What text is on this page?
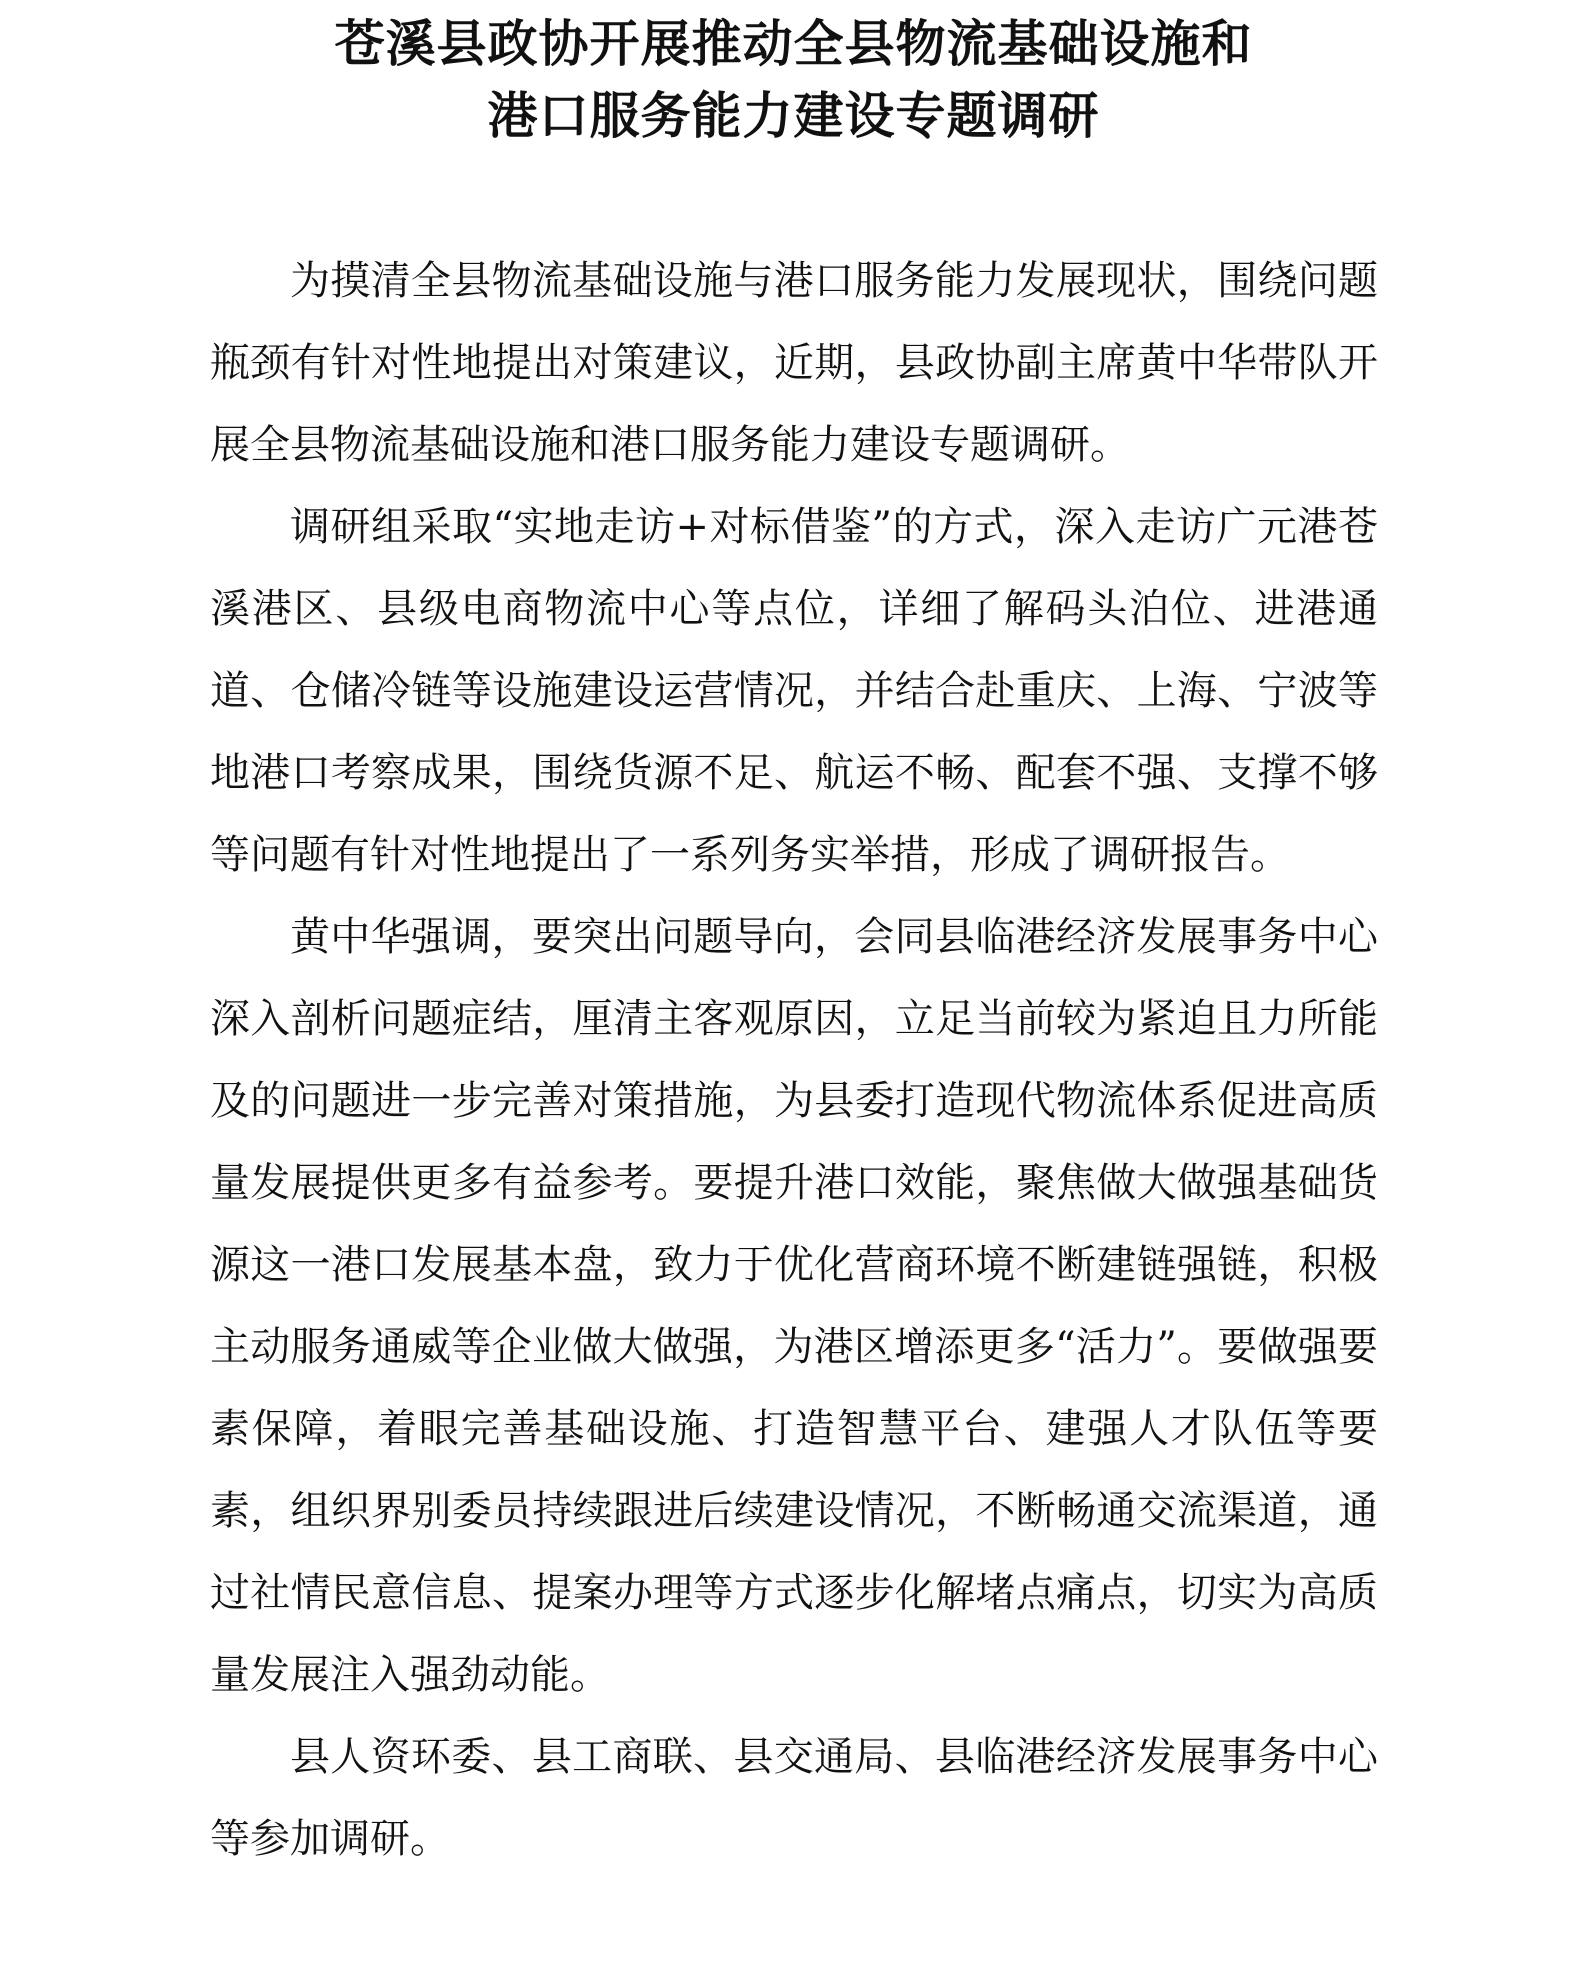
苍溪县政协开展推动全县物流基础设施和
港口服务能力建设专题调研

为摸清全县物流基础设施与港口服务能力发展现状，围绕问题瓶颈有针对性地提出对策建议，近期，县政协副主席黄中华带队开展全县物流基础设施和港口服务能力建设专题调研。

调研组采取“实地走访+对标借鉴”的方式，深入走访广元港苍溪港区、县级电商物流中心等点位，详细了解码头泊位、进港通道、仓储冷链等设施建设运营情况，并结合赴重庆、上海、宁波等地港口考察成果，围绕货源不足、航运不畅、配套不强、支撑不够等问题有针对性地提出了一系列务实举措，形成了调研报告。

黄中华强调，要突出问题导向，会同县临港经济发展事务中心深入剖析问题症结，厘清主客观原因，立足当前较为紧迫且力所能及的问题进一步完善对策措施，为县委打造现代物流体系促进高质量发展提供更多有益参考。要提升港口效能，聚焦做大做强基础货源这一港口发展基本盘，致力于优化营商环境不断建链强链，积极主动服务通威等企业做大做强，为港区增添更多“活力”。要做强要素保障，着眼完善基础设施、打造智慧平台、建强人才队伍等要素，组织界别委员持续跟进后续建设情况，不断畅通交流渠道，通过社情民意信息、提案办理等方式逐步化解堵点痛点，切实为高质量发展注入强劲动能。

县人资环委、县工商联、县交通局、县临港经济发展事务中心等参加调研。
